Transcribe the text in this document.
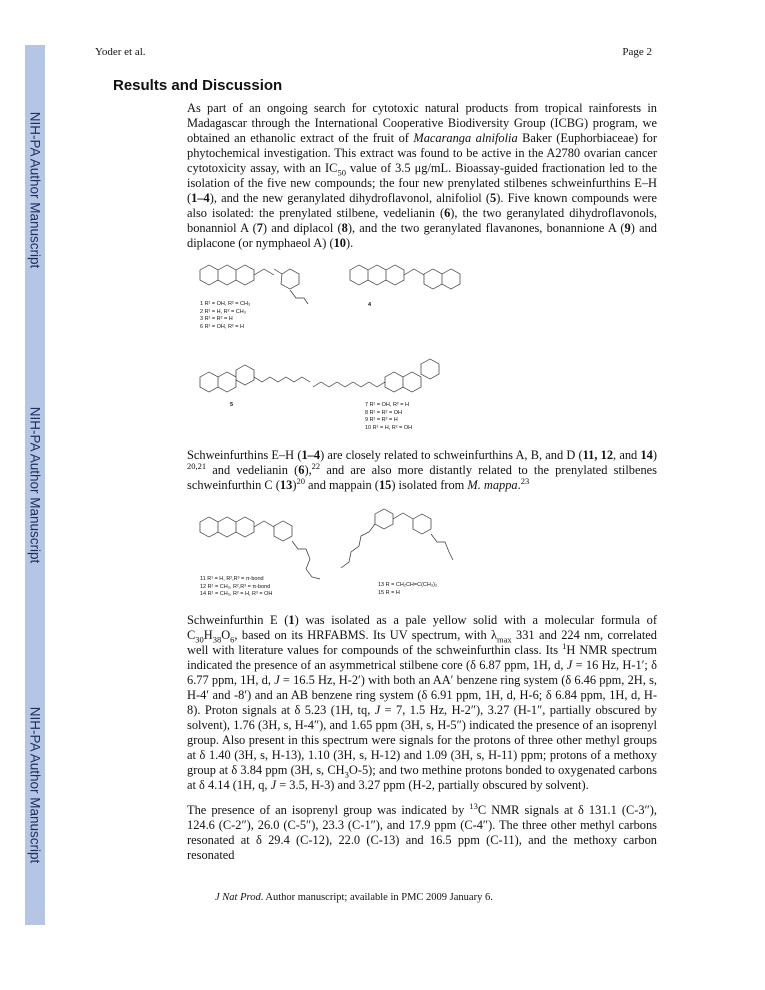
NIH-PA Author Manuscript
NIH-PA Author Manuscript
NIH-PA Author Manuscript
Yoder et al.	Page 2
Results and Discussion
As part of an ongoing search for cytotoxic natural products from tropical rainforests in Madagascar through the International Cooperative Biodiversity Group (ICBG) program, we obtained an ethanolic extract of the fruit of Macaranga alnifolia Baker (Euphorbiaceae) for phytochemical investigation. This extract was found to be active in the A2780 ovarian cancer cytotoxicity assay, with an $IC_{50}$ value of 3.5 μg/mL. Bioassay-guided fractionation led to the isolation of the five new compounds; the four new prenylated stilbenes schweinfurthins E–H (1–4), and the new geranylated dihydroflavonol, alnifoliol (5). Five known compounds were also isolated: the prenylated stilbene, vedelianin (6), the two geranylated dihydroflavonols, bonanniol A (7) and diplacol (8), and the two geranylated flavanones, bonannione A (9) and diplacone (or nymphaeol A) (10).
1 R¹ = OH, R² = CH₃
2 R¹ = H, R² = CH₃
3 R¹ = R² = H
6 R¹ = OH, R² = H
4
5	7 R¹ = OH, R² = H
8 R¹ = R² = OH
9 R¹ = R² = H
10 R¹ = H, R² = OH
Schweinfurthins E–H (1–4) are closely related to schweinfurthins A, B, and D (11, 12, and 14) $^{20,21}$ and vedelianin (6),$^{22}$ and are also more distantly related to the prenylated stilbenes schweinfurthin C $(13)^{20}$ and mappain (15) isolated from M. mappa.$^{23}$
11 R¹ = H, R²,R³ = π-bond
12 R¹ = CH₃, R²,R³ = π-bond
14 R¹ = CH₃, R² = H, R³ = OH
13 R = CH₂CH=C(CH₃)₂
15 R = H
Schweinfurthin E (1) was isolated as a pale yellow solid with a molecular formula of $C_{30}H_{38}O_6$, based on its HRFABMS. Its UV spectrum, with $\lambda_{max}$ 331 and 224 nm, correlated well with literature values for compounds of the schweinfurthin class. Its $^1$H NMR spectrum indicated the presence of an asymmetrical stilbene core (δ 6.87 ppm, 1H, d, J = 16 Hz, H-1′; δ 6.77 ppm, 1H, d, J = 16.5 Hz, H-2′) with both an AA′ benzene ring system (δ 6.46 ppm, 2H, s, H-4′ and -8′) and an AB benzene ring system (δ 6.91 ppm, 1H, d, H-6; δ 6.84 ppm, 1H, d, H-8). Proton signals at δ 5.23 (1H, tq, J = 7, 1.5 Hz, H-2″), 3.27 (H-1″, partially obscured by solvent), 1.76 (3H, s, H-4″), and 1.65 ppm (3H, s, H-5″) indicated the presence of an isoprenyl group. Also present in this spectrum were signals for the protons of three other methyl groups at δ 1.40 (3H, s, H-13), 1.10 (3H, s, H-12) and 1.09 (3H, s, H-11) ppm; protons of a methoxy group at δ 3.84 ppm (3H, s, $CH_3O-5$); and two methine protons bonded to oxygenated carbons at δ 4.14 (1H, q, J = 3.5, H-3) and 3.27 ppm (H-2, partially obscured by solvent).
The presence of an isoprenyl group was indicated by $^{13}$C NMR signals at δ 131.1 (C-3″), 124.6 (C-2″), 26.0 (C-5″), 23.3 (C-1″), and 17.9 ppm (C-4″). The three other methyl carbons resonated at δ 29.4 (C-12), 22.0 (C-13) and 16.5 ppm (C-11), and the methoxy carbon resonated
J Nat Prod. Author manuscript; available in PMC 2009 January 6.
